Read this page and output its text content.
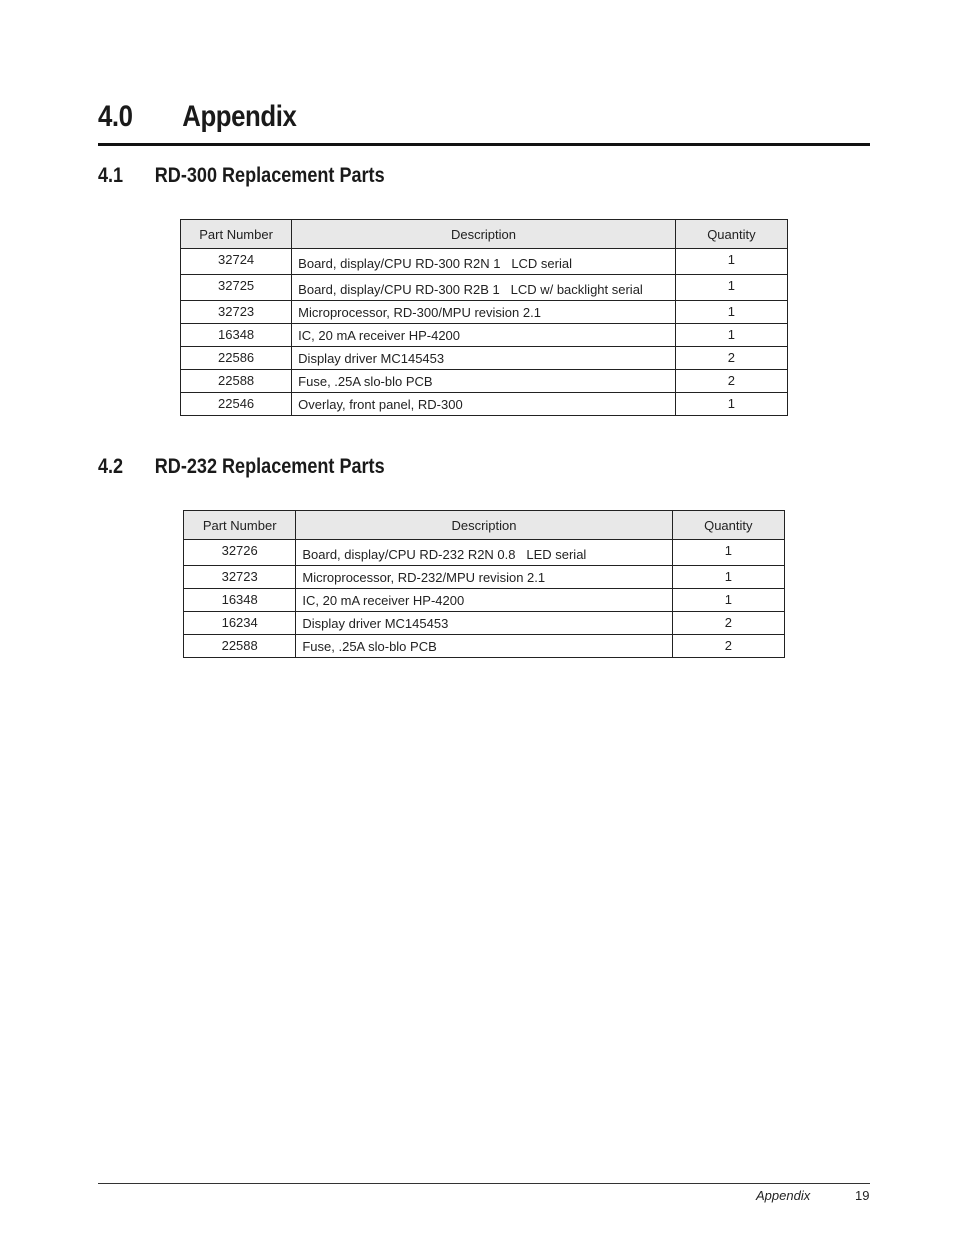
4.0 Appendix
4.1 RD-300 Replacement Parts
Part Number	Description	Quantity
32724	Board, display/CPU RD-300 R2N 1   LCD serial	1
32725	Board, display/CPU RD-300 R2B 1   LCD w/ backlight serial	1
32723	Microprocessor, RD-300/MPU revision 2.1	1
16348	IC, 20 mA receiver HP-4200	1
22586	Display driver MC145453	2
22588	Fuse, .25A slo-blo PCB	2
22546	Overlay, front panel, RD-300	1
4.2 RD-232 Replacement Parts
Part Number	Description	Quantity
32726	Board, display/CPU RD-232 R2N 0.8   LED serial	1
32723	Microprocessor, RD-232/MPU revision 2.1	1
16348	IC, 20 mA receiver HP-4200	1
16234	Display driver MC145453	2
22588	Fuse, .25A slo-blo PCB	2
Appendix	19
